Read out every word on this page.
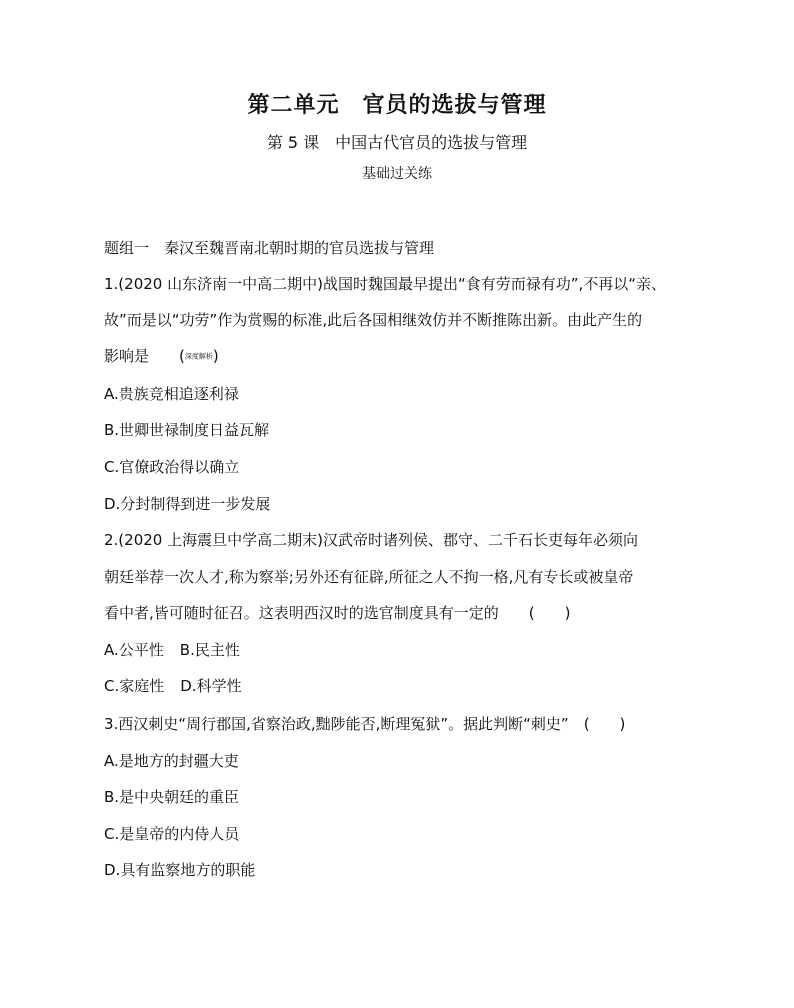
第二单元　官员的选拔与管理
第 5 课　中国古代官员的选拔与管理
基础过关练
题组一　秦汉至魏晋南北朝时期的官员选拔与管理
1.(2020 山东济南一中高二期中)战国时魏国最早提出“食有劳而禄有功”,不再以“亲、
故”而是以“功劳”作为赏赐的标准,此后各国相继效仿并不断推陈出新。由此产生的
影响是　　(深度解析)
A.贵族竞相追逐利禄
B.世卿世禄制度日益瓦解
C.官僚政治得以确立
D.分封制得到进一步发展
2.(2020 上海震旦中学高二期末)汉武帝时诸列侯、郡守、二千石长吏每年必须向
朝廷举荐一次人才,称为察举;另外还有征辟,所征之人不拘一格,凡有专长或被皇帝
看中者,皆可随时征召。这表明西汉时的选官制度具有一定的　　(　　)
A.公平性 B.民主性
C.家庭性 D.科学性
3.西汉刺史“周行郡国,省察治政,黜陟能否,断理冤狱”。据此判断“刺史”　(　　)
A.是地方的封疆大吏
B.是中央朝廷的重臣
C.是皇帝的内侍人员
D.具有监察地方的职能
